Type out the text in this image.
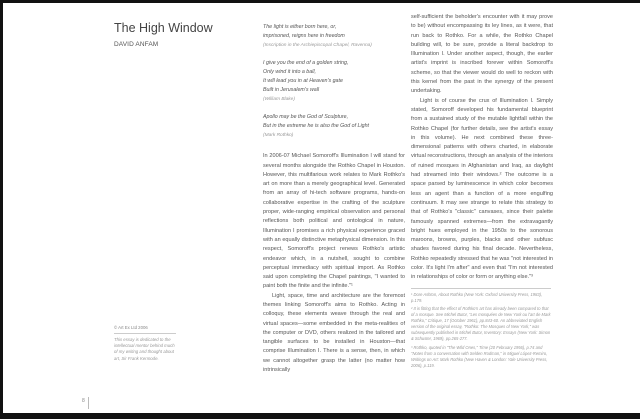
The High Window
DAVID ANFAM
The light is either born here, or,
imprisoned, reigns here in freedom
(Inscription in the Archiepiscopal Chapel, Ravenna)
I give you the end of a golden string,
Only wind it into a ball,
It will lead you in at Heaven's gate
Built in Jerusalem's wall
(William Blake)
Apollo may be the God of Sculpture,
But in the extreme he is also the God of Light
(Mark Rothko)

In 2006-07 Michael Somoroff's Illumination I will stand for several months alongside the Rothko Chapel in Houston. However, this multifarious work relates to Mark Rothko's art on more than a merely geographical level. Generated from an array of hi-tech software programs, hands-on collaborative expertise in the crafting of the sculpture proper, wide-ranging empirical observation and personal reflections both political and ontological in nature, Illumination I promises a rich physical experience graced with an equally distinctive metaphysical dimension. In this respect, Somoroff's project renews Rothko's artistic endeavor which, in a nutshell, sought to combine perceptual immediacy with spiritual import. As Rothko said upon completing the Chapel paintings, "I wanted to paint both the finite and the infinite."¹

Light, space, time and architecture are the foremost themes linking Somoroff's aims to Rothko. Acting in colloquy, these elements weave through the real and virtual spaces—some embedded in the meta-realities of the computer or DVD, others realized in the tailored and tangible surfaces to be installed in Houston—that comprise Illumination I. There is a sense, then, in which we cannot altogether grasp the latter (no matter how intrinsically

self-sufficient the beholder's encounter with it may prove to be) without encompassing its ley lines, as it were, that run back to Rothko. For a while, the Rothko Chapel building will, to be sure, provide a literal backdrop to Illumination I. Under another aspect, though, the earlier artist's imprint is inscribed forever within Somoroff's scheme, so that the viewer would do well to reckon with this kernel from the past in the synergy of the present undertaking.

Light is of course the crux of Illumination I. Simply stated, Somoroff developed his fundamental blueprint from a sustained study of the mutable lightfall within the Rothko Chapel (for further details, see the artist's essay in this volume). He next combined these three-dimensional patterns with others charted, in elaborate virtual reconstructions, through an analysis of the interiors of ruined mosques in Afghanistan and Iraq, as daylight had streamed into their windows.² The outcome is a space parsed by luminescence in which color becomes less an agent than a function of a more engulfing continuum. It may see strange to relate this strategy to that of Rothko's "classic" canvases, since their palette famously spanned extremes—from the extravagantly bright hues employed in the 1950s to the sonorous maroons, browns, purples, blacks and other subfusc shades favored during his final decade. Nevertheless, Rothko repeatedly stressed that he was "not interested in color. It's light I'm after" and even that "I'm not interested in relationships of color or form or anything else."³

¹ Dore Ashton, About Rothko (New York: Oxford University Press, 1983), p.179.
² It is fitting that the effect of Rothko's art has already been compared to that of a mosque. See Michel Butor, "Les mosquées de New York ou l'art de Mark Rothko," Critique, 17 (October 1961), pp.843-60. An abbreviated English version of the original essay, "Rothko: The Mosques of New York," was subsequently published in Michel Butor, Inventory: Essays (New York: Simon & Schuster, 1969), pp.265-277.
³ Rothko, quoted in "The Wild Ones," Time (20 February 1956), p.74 and "Notes from a conversation with Selden Rodman," in Miguel López-Remiro, Writings on Art: Mark Rothko (New Haven & London: Yale University Press, 2006), p.119.
© Art Ex Ltd 2006
This essay is dedicated to the intellectual mentor behind much of my writing and thought about art, Sir Frank Kermode.
8
